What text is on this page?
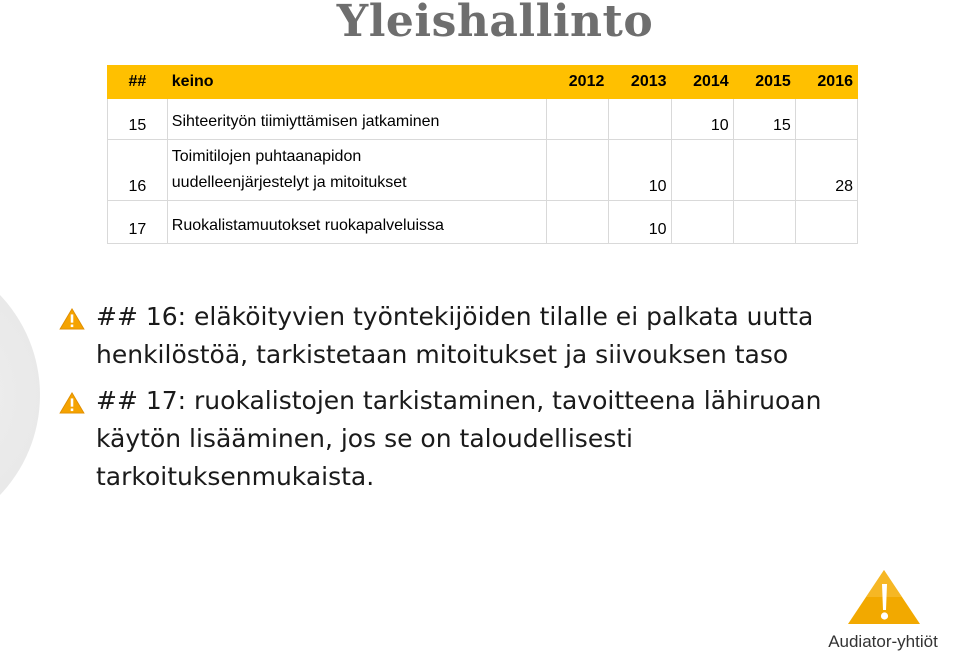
Yleishallinto
##	keino	2012	2013	2014	2015	2016
15	Sihteerityön tiimiyttämisen jatkaminen			10	15	
16	Toimitilojen puhtaanapidon
uudelleenjärjestelyt ja mitoitukset		10			28
17	Ruokalistamuutokset ruokapalveluissa		10			
## 16: eläköityvien työntekijöiden tilalle ei palkata uutta henkilöstöä, tarkistetaan mitoitukset ja siivouksen taso
## 17: ruokalistojen tarkistaminen, tavoitteena lähiruoan käytön lisääminen, jos se on taloudellisesti tarkoituksenmukaista.
Audiator-yhtiöt
